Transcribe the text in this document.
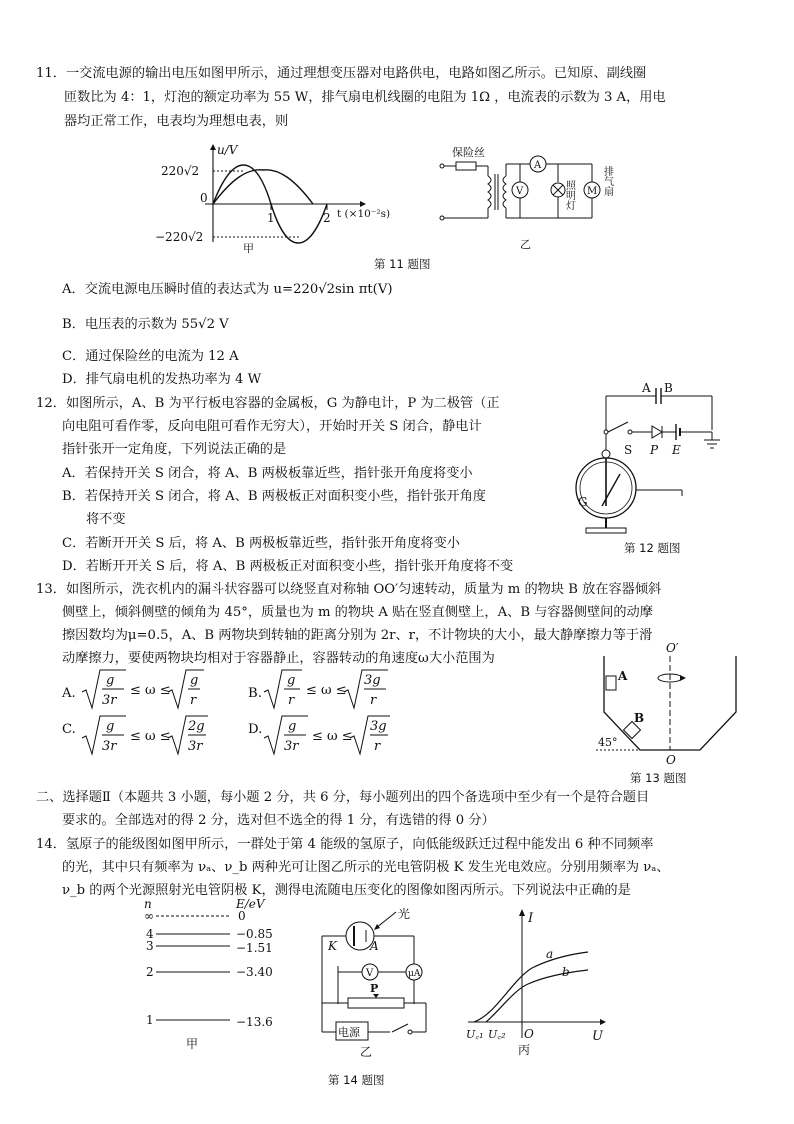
11．一交流电源的输出电压如图甲所示，通过理想变压器对电路供电，电路如图乙所示。已知原、副线圈
匝数比为 4：1，灯泡的额定功率为 55 W，排气扇电机线圈的电阻为 1Ω ，电流表的示数为 3 A，用电
器均正常工作，电表均为理想电表，则
u/V
220√2
0
−220√2
1	2 t (×10⁻²s)
甲
保险丝
A
V	照明灯 M 排气扇
乙
第 11 题图
A．交流电源电压瞬时值的表达式为 u=220√2sin πt(V)
B．电压表的示数为 55√2 V
C．通过保险丝的电流为 12 A
D．排气扇电机的发热功率为 4 W
12．如图所示，A、B 为平行板电容器的金属板，G 为静电计，P 为二极管（正
向电阻可看作零，反向电阻可看作无穷大），开始时开关 S 闭合，静电计
指针张开一定角度，下列说法正确的是
A．若保持开关 S 闭合，将 A、B 两极板靠近些，指针张开角度将变小
B．若保持开关 S 闭合，将 A、B 两极板正对面积变小些，指针张开角度
将不变
C．若断开开关 S 后，将 A、B 两极板靠近些，指针张开角度将变小
D．若断开开关 S 后，将 A、B 两极板正对面积变小些，指针张开角度将不变
A B
S P E
G
第 12 题图
13．如图所示，洗衣机内的漏斗状容器可以绕竖直对称轴 OO′匀速转动，质量为 m 的物块 B 放在容器倾斜
侧壁上，倾斜侧壁的倾角为 45°，质量也为 m 的物块 A 贴在竖直侧壁上，A、B 与容器侧壁间的动摩
擦因数均为μ=0.5，A、B 两物块到转轴的距离分别为 2r、r，不计物块的大小，最大静摩擦力等于滑
动摩擦力，要使两物块均相对于容器静止，容器转动的角速度ω大小范围为
A.
g
3r
≤ ω ≤
g
r	B.
g
r
≤ ω ≤
3g
r
C. g
3r
≤ ω ≤
2g
3r
D. g
3r
≤ ω ≤
3g
r
O′
A
B
45°
O
第 13 题图
二、选择题Ⅱ（本题共 3 小题，每小题 2 分，共 6 分，每小题列出的四个备选项中至少有一个是符合题目
要求的。全部选对的得 2 分，选对但不选全的得 1 分，有选错的得 0 分）
14．氢原子的能级图如图甲所示，一群处于第 4 能级的氢原子，向低能级跃迁过程中能发出 6 种不同频率
的光，其中只有频率为 νₐ、ν_b 两种光可让图乙所示的光电管阴极 K 发生光电效应。分别用频率为 νₐ、
ν_b 的两个光源照射光电管阴极 K，测得电流随电压变化的图像如图丙所示。下列说法中正确的是
n	E/eV
∞	0
4	−0.85
3	−1.51
2	−3.40
1	−13.6
甲
光
K	A
μA
V
P
电源
乙
I
a
b
U꜀₁ U꜀₂ O	U
丙
第 14 题图
